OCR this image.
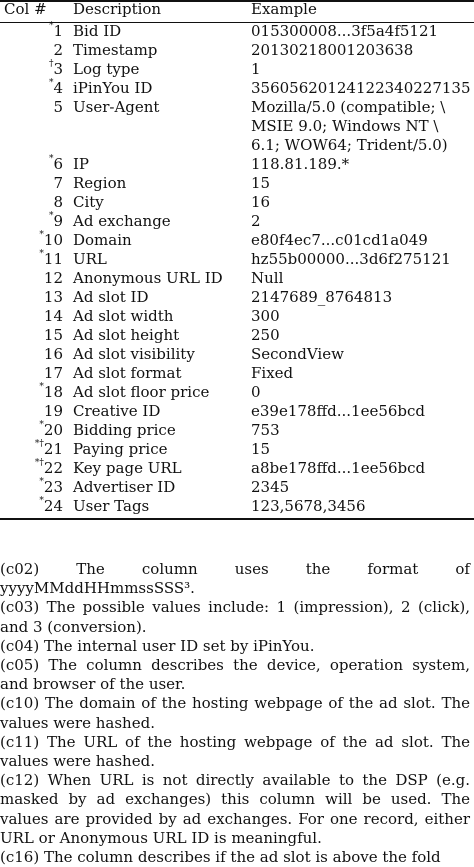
Col # Description	Example
*1 Bid ID	015300008...3f5a4f5121
2 Timestamp	20130218001203638
†3 Log type	1
*4 iPinYou ID	35605620124122340227135
5 User-Agent	Mozilla/5.0 (compatible; \
MSIE 9.0; Windows NT \
6.1; WOW64; Trident/5.0)
*6 IP	118.81.189.*
7 Region	15
8 City	16
*9 Ad exchange	2
*10 Domain	e80f4ec7...c01cd1a049
*11 URL	hz55b00000...3d6f275121
12 Anonymous URL ID	Null
13 Ad slot ID	2147689_8764813
14 Ad slot width	300
15 Ad slot height	250
16 Ad slot visibility	SecondView
17 Ad slot format	Fixed
*18 Ad slot floor price	0
19 Creative ID	e39e178ffd...1ee56bcd
*20 Bidding price	753
*†21 Paying price	15
*†22 Key page URL	a8be178ffd...1ee56bcd
*23 Advertiser ID	2345
*24 User Tags	123,5678,3456

(c02) The column uses the format of yyyyMMddHHmmssSSS³.

(c03) The possible values include: 1 (impression), 2 (click), and 3 (conversion).

(c04) The internal user ID set by iPinYou.

(c05) The column describes the device, operation system, and browser of the user.

(c10) The domain of the hosting webpage of the ad slot. The values were hashed.

(c11) The URL of the hosting webpage of the ad slot. The values were hashed.

(c12) When URL is not directly available to the DSP (e.g. masked by ad exchanges) this column will be used. The values are provided by ad exchanges. For one record, either URL or Anonymous URL ID is meaningful.

(c16) The column describes if the ad slot is above the fold
